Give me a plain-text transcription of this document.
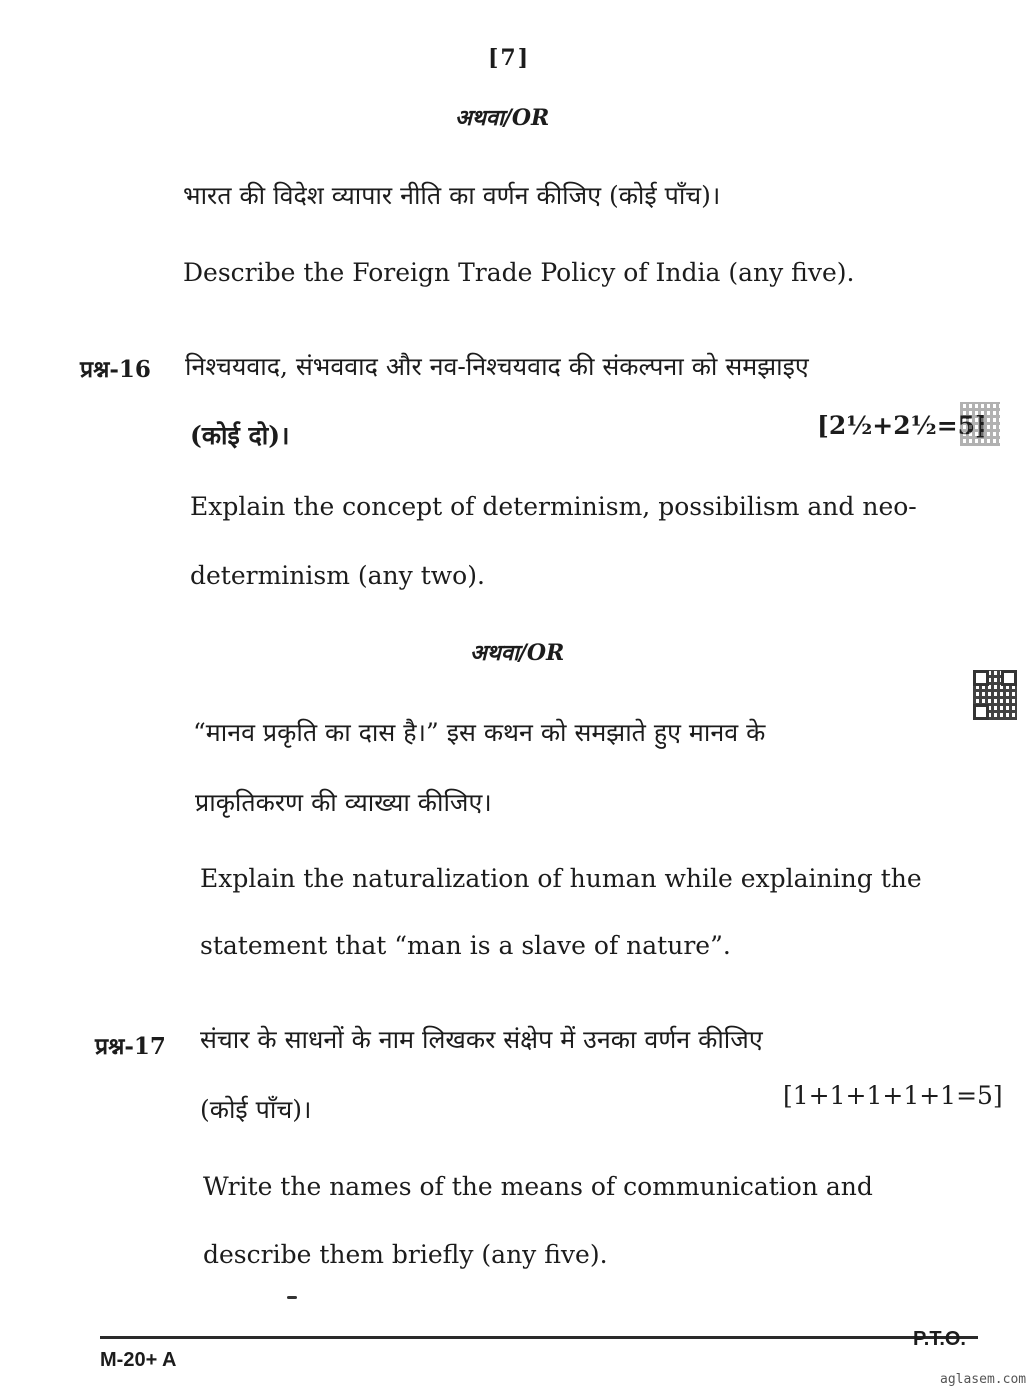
[7]
अथवा/OR
भारत की विदेश व्यापार नीति का वर्णन कीजिए (कोई पाँच)।
Describe the Foreign Trade Policy of India (any five).
प्रश्न-16 निश्चयवाद, संभववाद और नव-निश्चयवाद की संकल्पना को समझाइए
(कोई दो)।	[2½+2½=5]
Explain the concept of determinism, possibilism and neo-
determinism (any two).
अथवा/OR
“मानव प्रकृति का दास है।” इस कथन को समझाते हुए मानव के
प्राकृतिकरण की व्याख्या कीजिए।
Explain the naturalization of human while explaining the
statement that “man is a slave of nature”.
प्रश्न-17 संचार के साधनों के नाम लिखकर संक्षेप में उनका वर्णन कीजिए
(कोई पाँच)।	[1+1+1+1+1=5]
Write the names of the means of communication and
describe them briefly (any five).
M-20+ A
P.T.O.
aglasem.com
